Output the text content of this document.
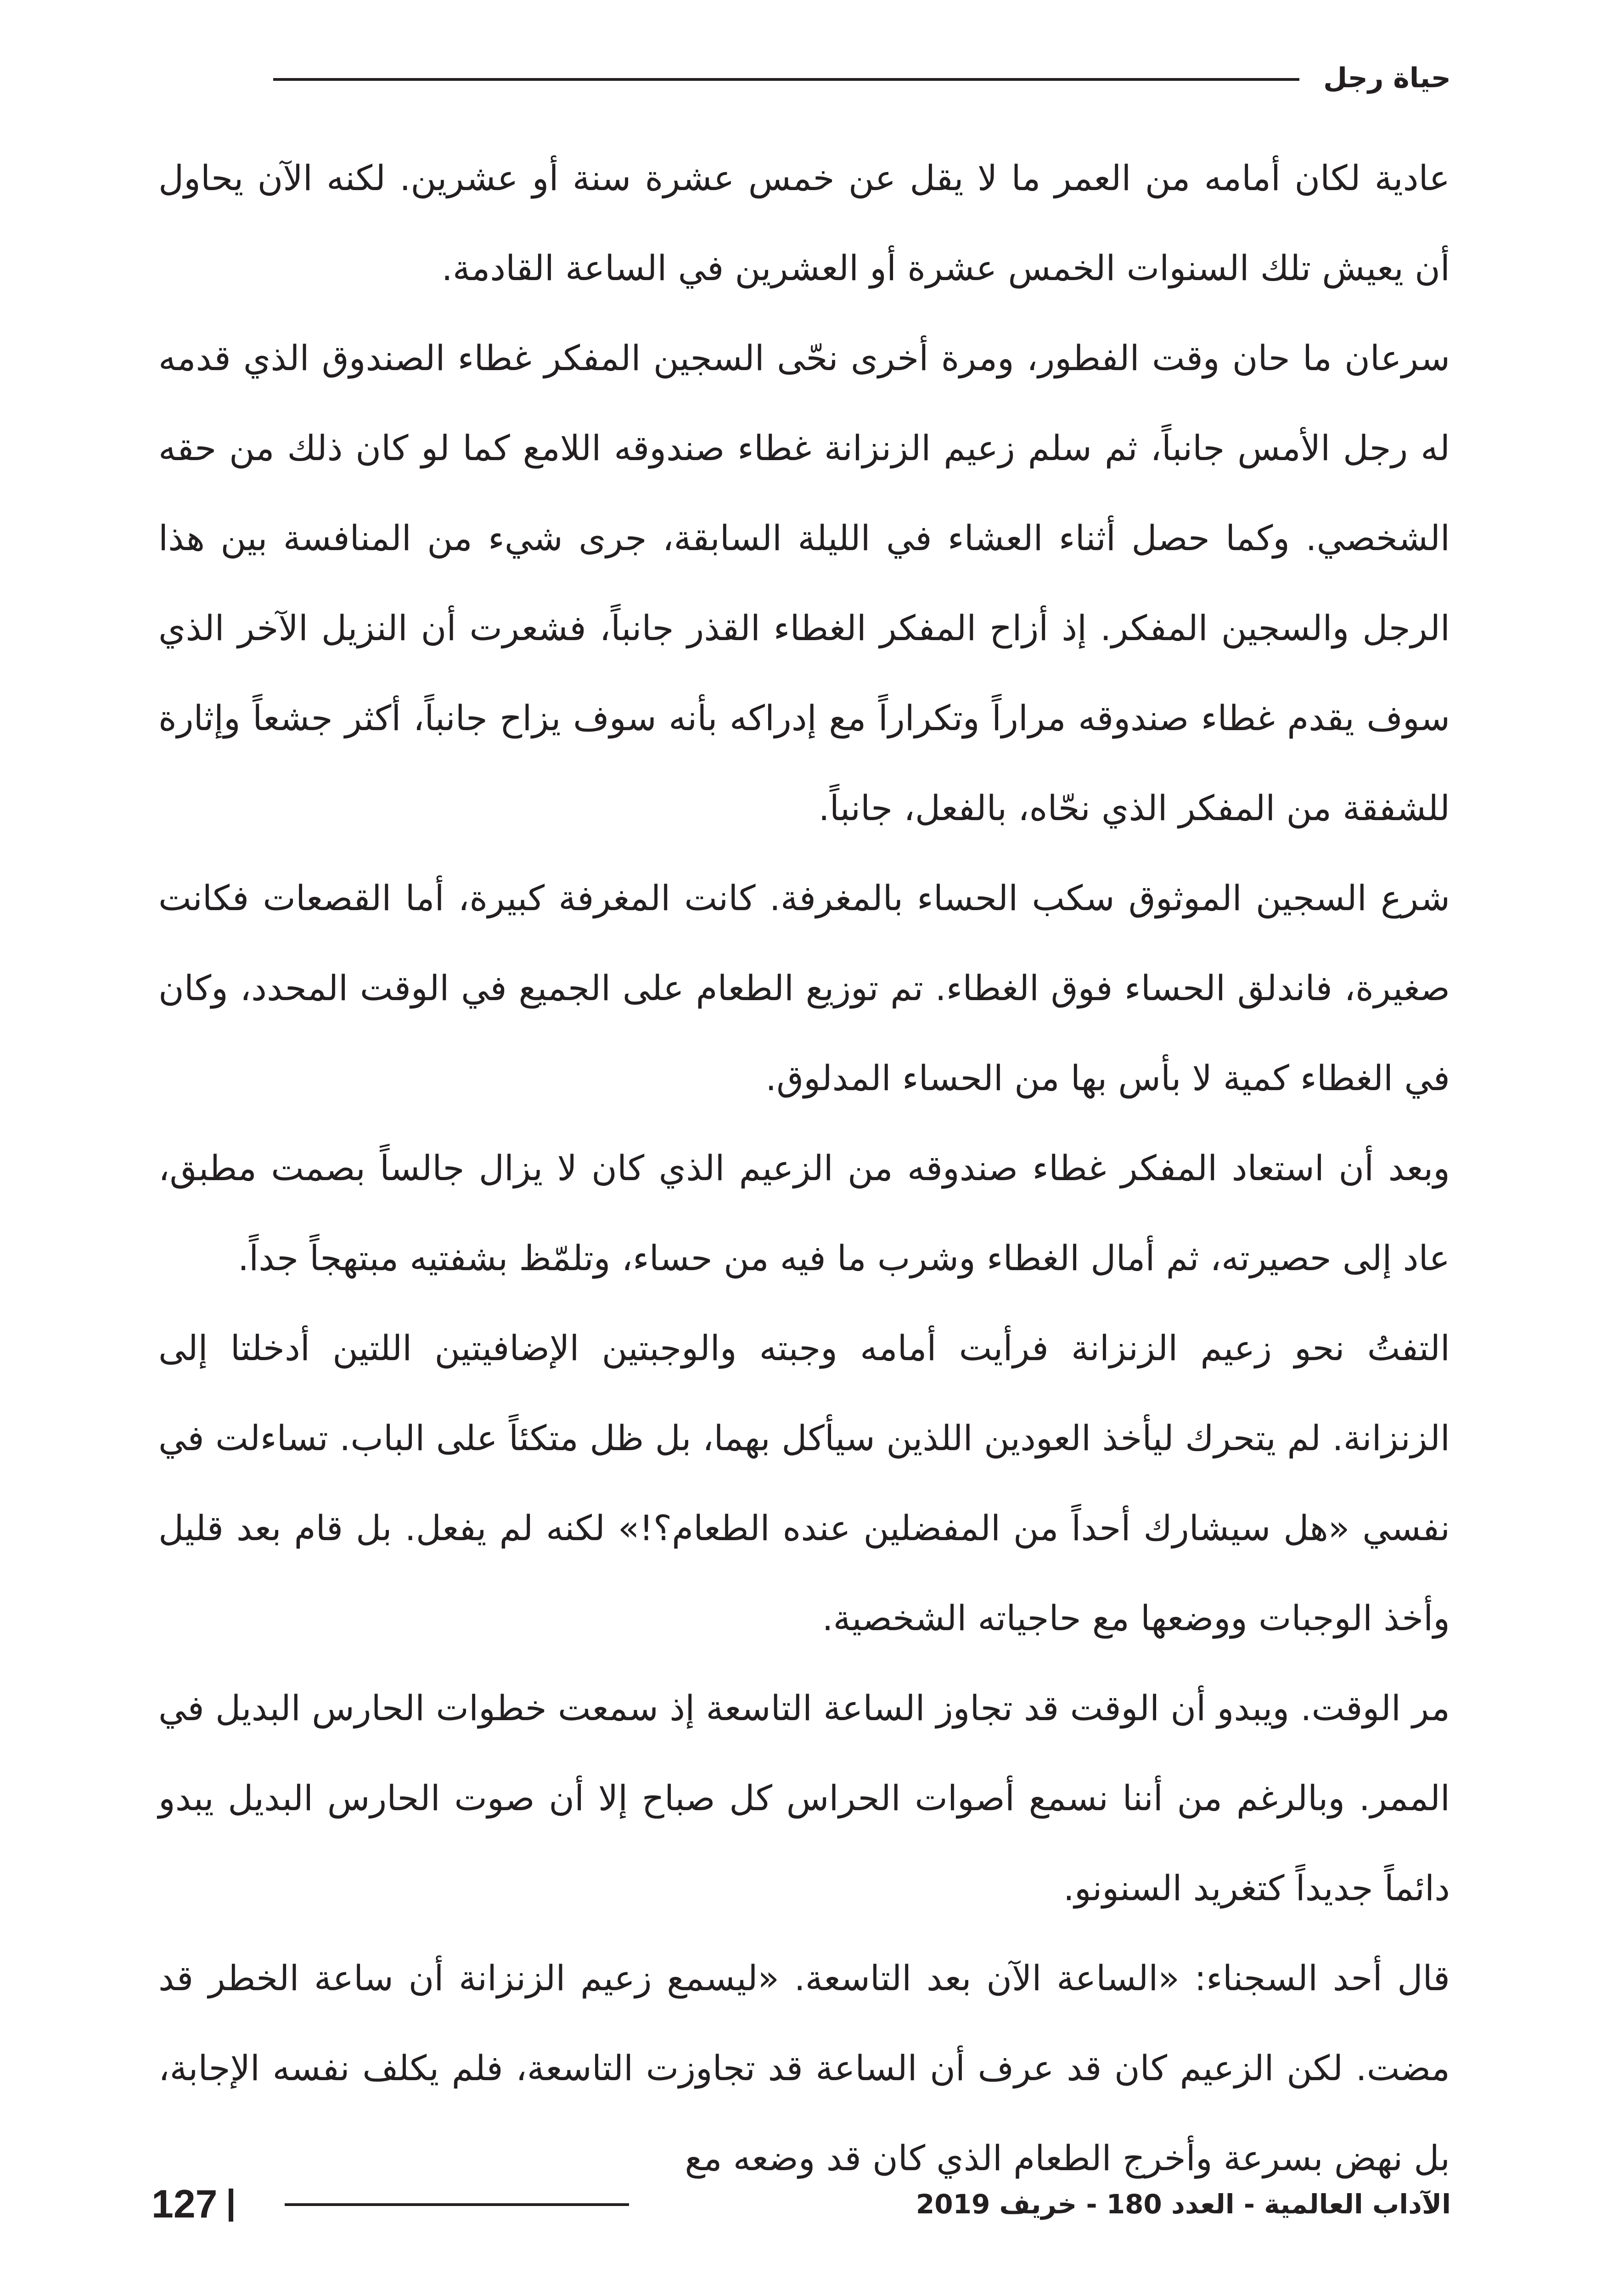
حياة رجل

عادية لكان أمامه من العمر ما لا يقل عن خمس عشرة سنة أو عشرين. لكنه الآن يحاول أن يعيش تلك السنوات الخمس عشرة أو العشرين في الساعة القادمة.

سرعان ما حان وقت الفطور، ومرة أخرى نحّى السجين المفكر غطاء الصندوق الذي قدمه له رجل الأمس جانباً، ثم سلم زعيم الزنزانة غطاء صندوقه اللامع كما لو كان ذلك من حقه الشخصي. وكما حصل أثناء العشاء في الليلة السابقة، جرى شيء من المنافسة بين هذا الرجل والسجين المفكر. إذ أزاح المفكر الغطاء القذر جانباً، فشعرت أن النزيل الآخر الذي سوف يقدم غطاء صندوقه مراراً وتكراراً مع إدراكه بأنه سوف يزاح جانباً، أكثر جشعاً وإثارة للشفقة من المفكر الذي نحّاه، بالفعل، جانباً.

شرع السجين الموثوق سكب الحساء بالمغرفة. كانت المغرفة كبيرة، أما القصعات فكانت صغيرة، فاندلق الحساء فوق الغطاء. تم توزيع الطعام على الجميع في الوقت المحدد، وكان في الغطاء كمية لا بأس بها من الحساء المدلوق.

وبعد أن استعاد المفكر غطاء صندوقه من الزعيم الذي كان لا يزال جالساً بصمت مطبق، عاد إلى حصيرته، ثم أمال الغطاء وشرب ما فيه من حساء، وتلمّظ بشفتيه مبتهجاً جداً.

التفتُ نحو زعيم الزنزانة فرأيت أمامه وجبته والوجبتين الإضافيتين اللتين أدخلتا إلى الزنزانة. لم يتحرك ليأخذ العودين اللذين سيأكل بهما، بل ظل متكئاً على الباب. تساءلت في نفسي «هل سيشارك أحداً من المفضلين عنده الطعام؟!» لكنه لم يفعل. بل قام بعد قليل وأخذ الوجبات ووضعها مع حاجياته الشخصية.

مر الوقت. ويبدو أن الوقت قد تجاوز الساعة التاسعة إذ سمعت خطوات الحارس البديل في الممر. وبالرغم من أننا نسمع أصوات الحراس كل صباح إلا أن صوت الحارس البديل يبدو دائماً جديداً كتغريد السنونو.

قال أحد السجناء: «الساعة الآن بعد التاسعة. «ليسمع زعيم الزنزانة أن ساعة الخطر قد مضت. لكن الزعيم كان قد عرف أن الساعة قد تجاوزت التاسعة، فلم يكلف نفسه الإجابة، بل نهض بسرعة وأخرج الطعام الذي كان قد وضعه مع

127	الآداب العالمية - العدد 180 - خريف 2019
